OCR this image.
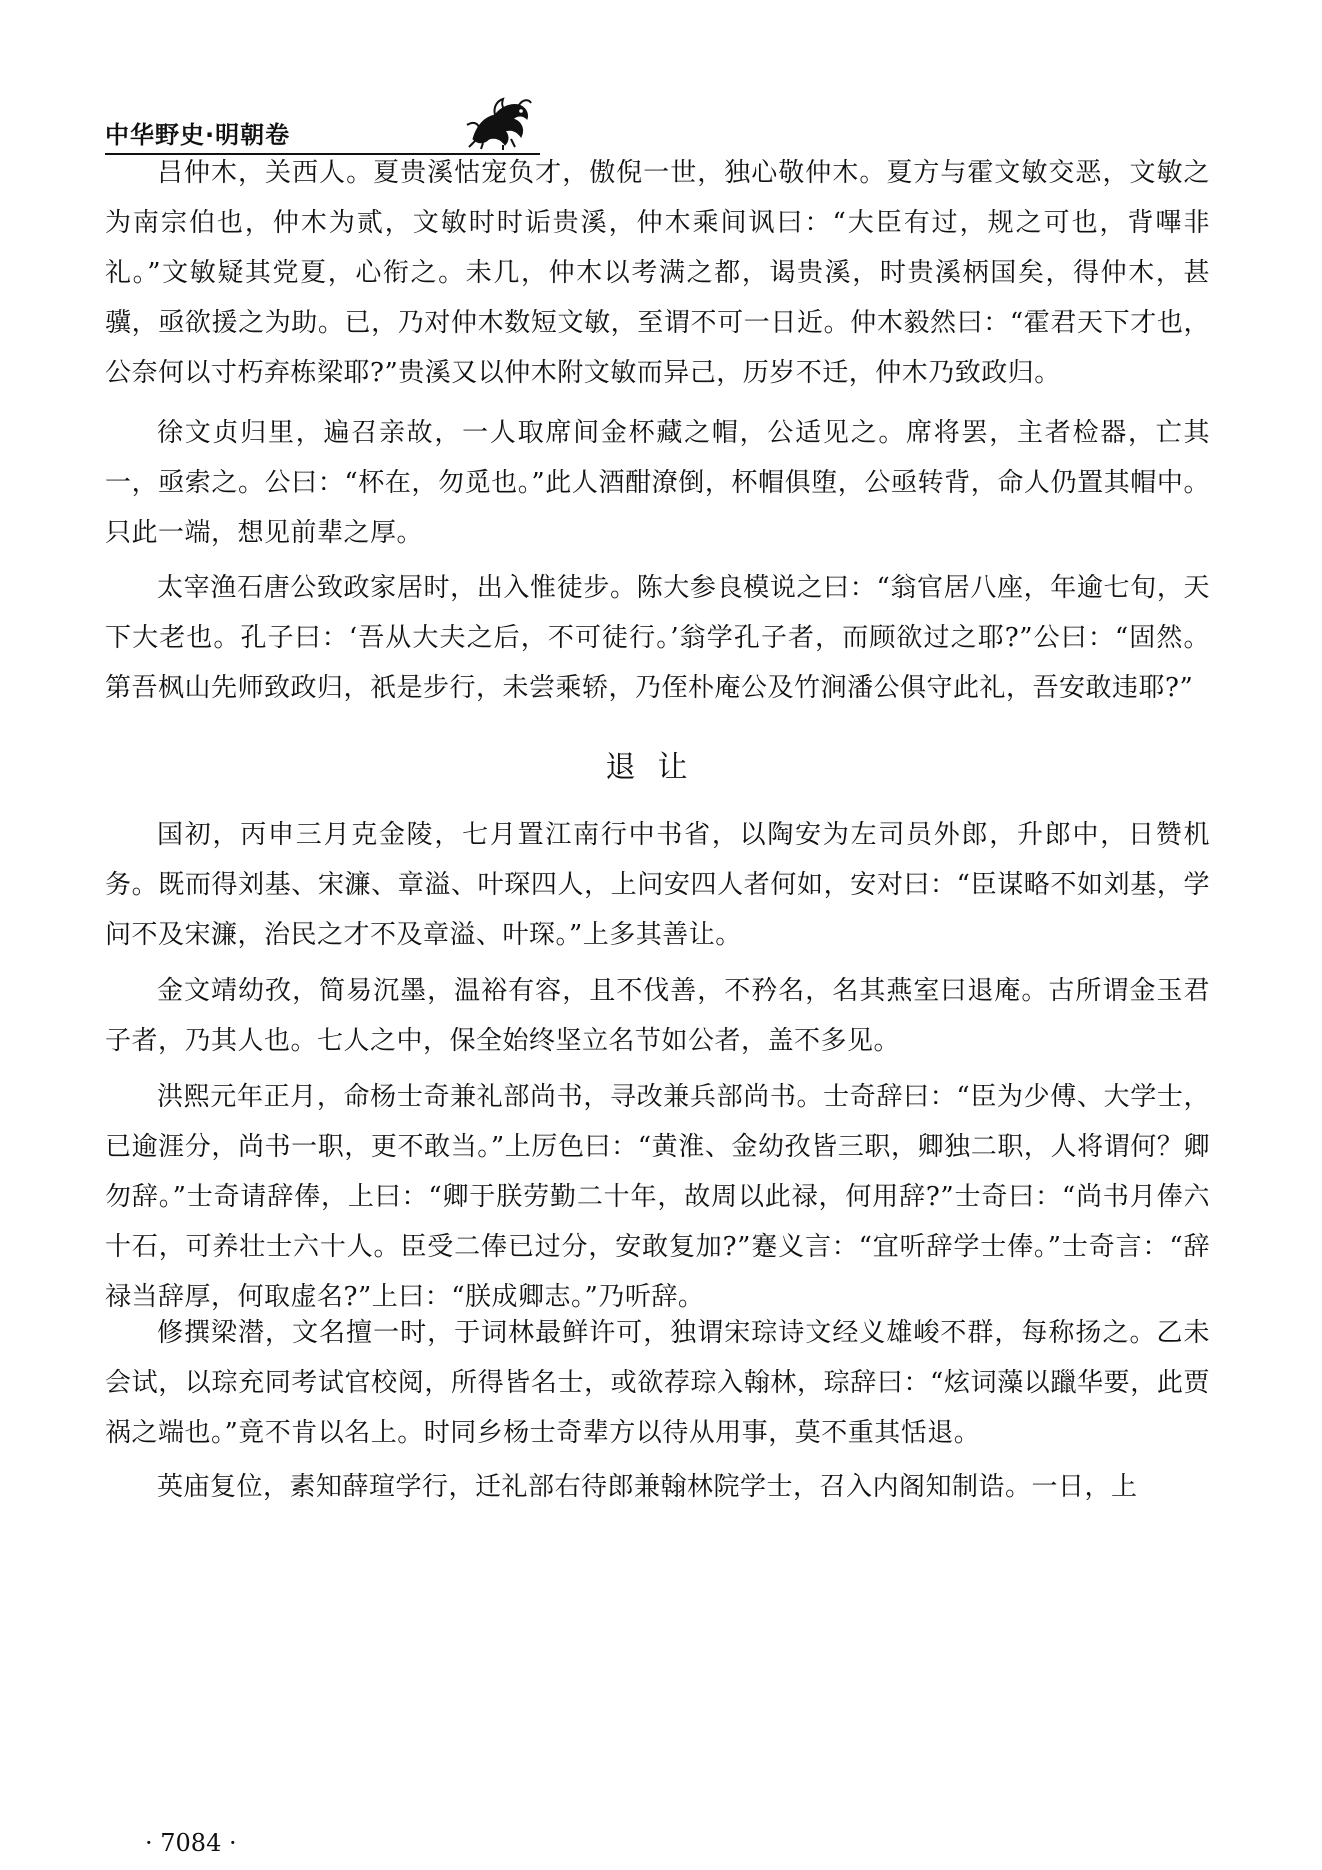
中华野史·明朝卷

吕仲木，关西人。夏贵溪怙宠负才，傲倪一世，独心敬仲木。夏方与霍文敏交恶，文敏之为南宗伯也，仲木为贰，文敏时时诟贵溪，仲木乘间讽曰：“大臣有过，规之可也，背嗶非礼。”文敏疑其党夏，心衔之。未几，仲木以考满之都，谒贵溪，时贵溪柄国矣，得仲木，甚骥，亟欲援之为助。已，乃对仲木数短文敏，至谓不可一日近。仲木毅然曰：“霍君天下才也，公奈何以寸朽弃栋梁耶?”贵溪又以仲木附文敏而异己，历岁不迁，仲木乃致政归。

徐文贞归里，遍召亲故，一人取席间金杯藏之帽，公适见之。席将罢，主者检器，亡其一，亟索之。公曰：“杯在，勿觅也。”此人酒酣潦倒，杯帽俱堕，公亟转背，命人仍置其帽中。只此一端，想见前辈之厚。

太宰渔石唐公致政家居时，出入惟徒步。陈大参良模说之曰：“翁官居八座，年逾七旬，天下大老也。孔子曰：‘吾从大夫之后，不可徒行。’翁学孔子者，而顾欲过之耶?”公曰：“固然。第吾枫山先师致政归，祇是步行，未尝乘轿，乃侄朴庵公及竹涧潘公俱守此礼，吾安敢违耶?”

退让

国初，丙申三月克金陵，七月置江南行中书省，以陶安为左司员外郎，升郎中，日赞机务。既而得刘基、宋濂、章溢、叶琛四人，上问安四人者何如，安对曰：“臣谋略不如刘基，学问不及宋濂，治民之才不及章溢、叶琛。”上多其善让。

金文靖幼孜，简易沉墨，温裕有容，且不伐善，不矜名，名其燕室曰退庵。古所谓金玉君子者，乃其人也。七人之中，保全始终坚立名节如公者，盖不多见。

洪熙元年正月，命杨士奇兼礼部尚书，寻改兼兵部尚书。士奇辞曰：“臣为少傅、大学士，已逾涯分，尚书一职，更不敢当。”上厉色曰：“黄淮、金幼孜皆三职，卿独二职，人将谓何？卿勿辞。”士奇请辞俸，上曰：“卿于朕劳勤二十年，故周以此禄，何用辞?”士奇曰：“尚书月俸六十石，可养壮士六十人。臣受二俸已过分，安敢复加?”蹇义言：“宜听辞学士俸。”士奇言：“辞禄当辞厚，何取虚名?”上曰：“朕成卿志。”乃听辞。

修撰梁潜，文名擅一时，于词林最鲜许可，独谓宋琮诗文经义雄峻不群，每称扬之。乙未会试，以琮充同考试官校阅，所得皆名士，或欲荐琮入翰林，琮辞曰：“炫词藻以躐华要，此贾祸之端也。”竟不肯以名上。时同乡杨士奇辈方以待从用事，莫不重其恬退。

英庙复位，素知薛瑄学行，迁礼部右待郎兼翰林院学士，召入内阁知制诰。一日，上

· 7084 ·
